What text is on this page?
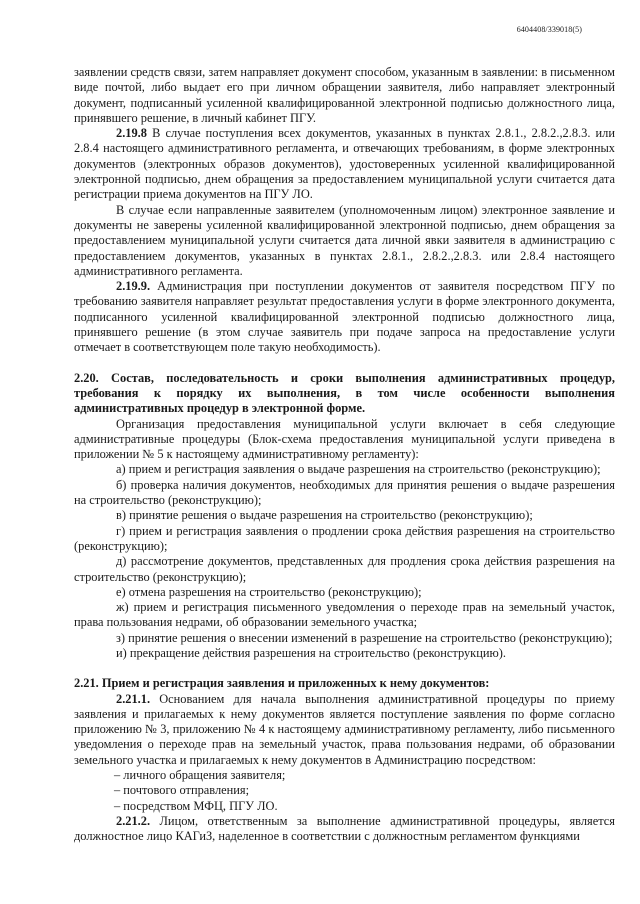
6404408/339018(5)

заявлении средств связи, затем направляет документ способом, указанным в заявлении: в письменном виде почтой, либо выдает его при личном обращении заявителя, либо направляет электронный документ, подписанный усиленной квалифицированной электронной подписью должностного лица, принявшего решение, в личный кабинет ПГУ.

2.19.8 В случае поступления всех документов, указанных в пунктах 2.8.1., 2.8.2.,2.8.3. или 2.8.4 настоящего административного регламента, и отвечающих требованиям, в форме электронных документов (электронных образов документов), удостоверенных усиленной квалифицированной электронной подписью, днем обращения за предоставлением муниципальной услуги считается дата регистрации приема документов на ПГУ ЛО.

В случае если направленные заявителем (уполномоченным лицом) электронное заявление и документы не заверены усиленной квалифицированной электронной подписью, днем обращения за предоставлением муниципальной услуги считается дата личной явки заявителя в администрацию с предоставлением документов, указанных в пунктах 2.8.1., 2.8.2.,2.8.3. или 2.8.4 настоящего административного регламента.

2.19.9. Администрация при поступлении документов от заявителя посредством ПГУ по требованию заявителя направляет результат предоставления услуги в форме электронного документа, подписанного усиленной квалифицированной электронной подписью должностного лица, принявшего решение (в этом случае заявитель при подаче запроса на предоставление услуги отмечает в соответствующем поле такую необходимость).

2.20. Состав, последовательность и сроки выполнения административных процедур, требования к порядку их выполнения, в том числе особенности выполнения административных процедур в электронной форме.

Организация предоставления муниципальной услуги включает в себя следующие административные процедуры (Блок-схема предоставления муниципальной услуги приведена в приложении № 5 к настоящему административному регламенту):

а) прием и регистрация заявления о выдаче разрешения на строительство (реконструкцию);

б) проверка наличия документов, необходимых для принятия решения о выдаче разрешения на строительство (реконструкцию);

в) принятие решения о выдаче разрешения на строительство (реконструкцию);

г) прием и регистрация заявления о продлении срока действия разрешения на строительство (реконструкцию);

д) рассмотрение документов, представленных для продления срока действия разрешения на строительство (реконструкцию);

е) отмена разрешения на строительство (реконструкцию);

ж) прием и регистрация письменного уведомления о переходе прав на земельный участок, права пользования недрами, об образовании земельного участка;

з) принятие решения о внесении изменений в разрешение на строительство (реконструкцию);

и) прекращение действия разрешения на строительство (реконструкцию).

2.21. Прием и регистрация заявления и приложенных к нему документов:

2.21.1. Основанием для начала выполнения административной процедуры по приему заявления и прилагаемых к нему документов является поступление заявления по форме согласно приложению № 3, приложению № 4 к настоящему административному регламенту, либо письменного уведомления о переходе прав на земельный участок, права пользования недрами, об образовании земельного участка и прилагаемых к нему документов в Администрацию посредством:

– личного обращения заявителя;

– почтового отправления;

– посредством МФЦ, ПГУ ЛО.

2.21.2. Лицом, ответственным за выполнение административной процедуры, является должностное лицо КАГиЗ, наделенное в соответствии с должностным регламентом функциями
